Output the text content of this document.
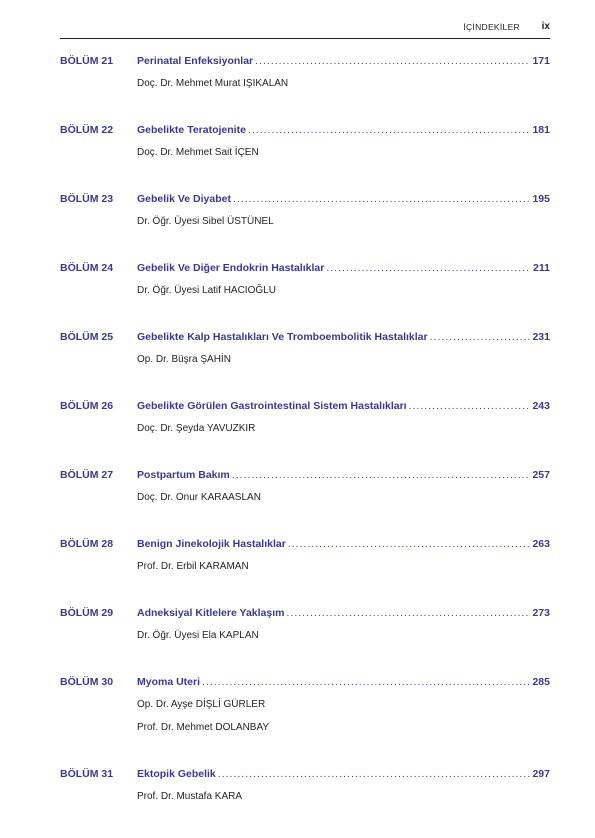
İÇİNDEKİLER ix
BÖLÜM 21	Perinatal Enfeksiyonlar .....	171
Doç. Dr. Mehmet Murat IŞIKALAN
BÖLÜM 22	Gebelikte Teratojenite .....	181
Doç. Dr. Mehmet Sait İÇEN
BÖLÜM 23	Gebelik Ve Diyabet .....	195
Dr. Öğr. Üyesi Sibel ÜSTÜNEL
BÖLÜM 24	Gebelik Ve Diğer Endokrin Hastalıklar .....	211
Dr. Öğr. Üyesi Latif HACIOĞLU
BÖLÜM 25	Gebelikte Kalp Hastalıkları Ve Tromboembolitik Hastalıklar .....	231
Op. Dr. Büşra ŞAHİN
BÖLÜM 26	Gebelikte Görülen Gastrointestinal Sistem Hastalıkları .....	243
Doç. Dr. Şeyda YAVUZKIR
BÖLÜM 27	Postpartum Bakım .....	257
Doç. Dr. Onur KARAASLAN
BÖLÜM 28	Benign Jinekolojik Hastalıklar .....	263
Prof. Dr. Erbil KARAMAN
BÖLÜM 29	Adneksiyal Kitlelere Yaklaşım .....	273
Dr. Öğr. Üyesi Ela KAPLAN
BÖLÜM 30	Myoma Uteri .....	285
Op. Dr. Ayşe DİŞLİ GÜRLER
Prof. Dr. Mehmet DOLANBAY
BÖLÜM 31	Ektopik Gebelik .....	297
Prof. Dr. Mustafa KARA
